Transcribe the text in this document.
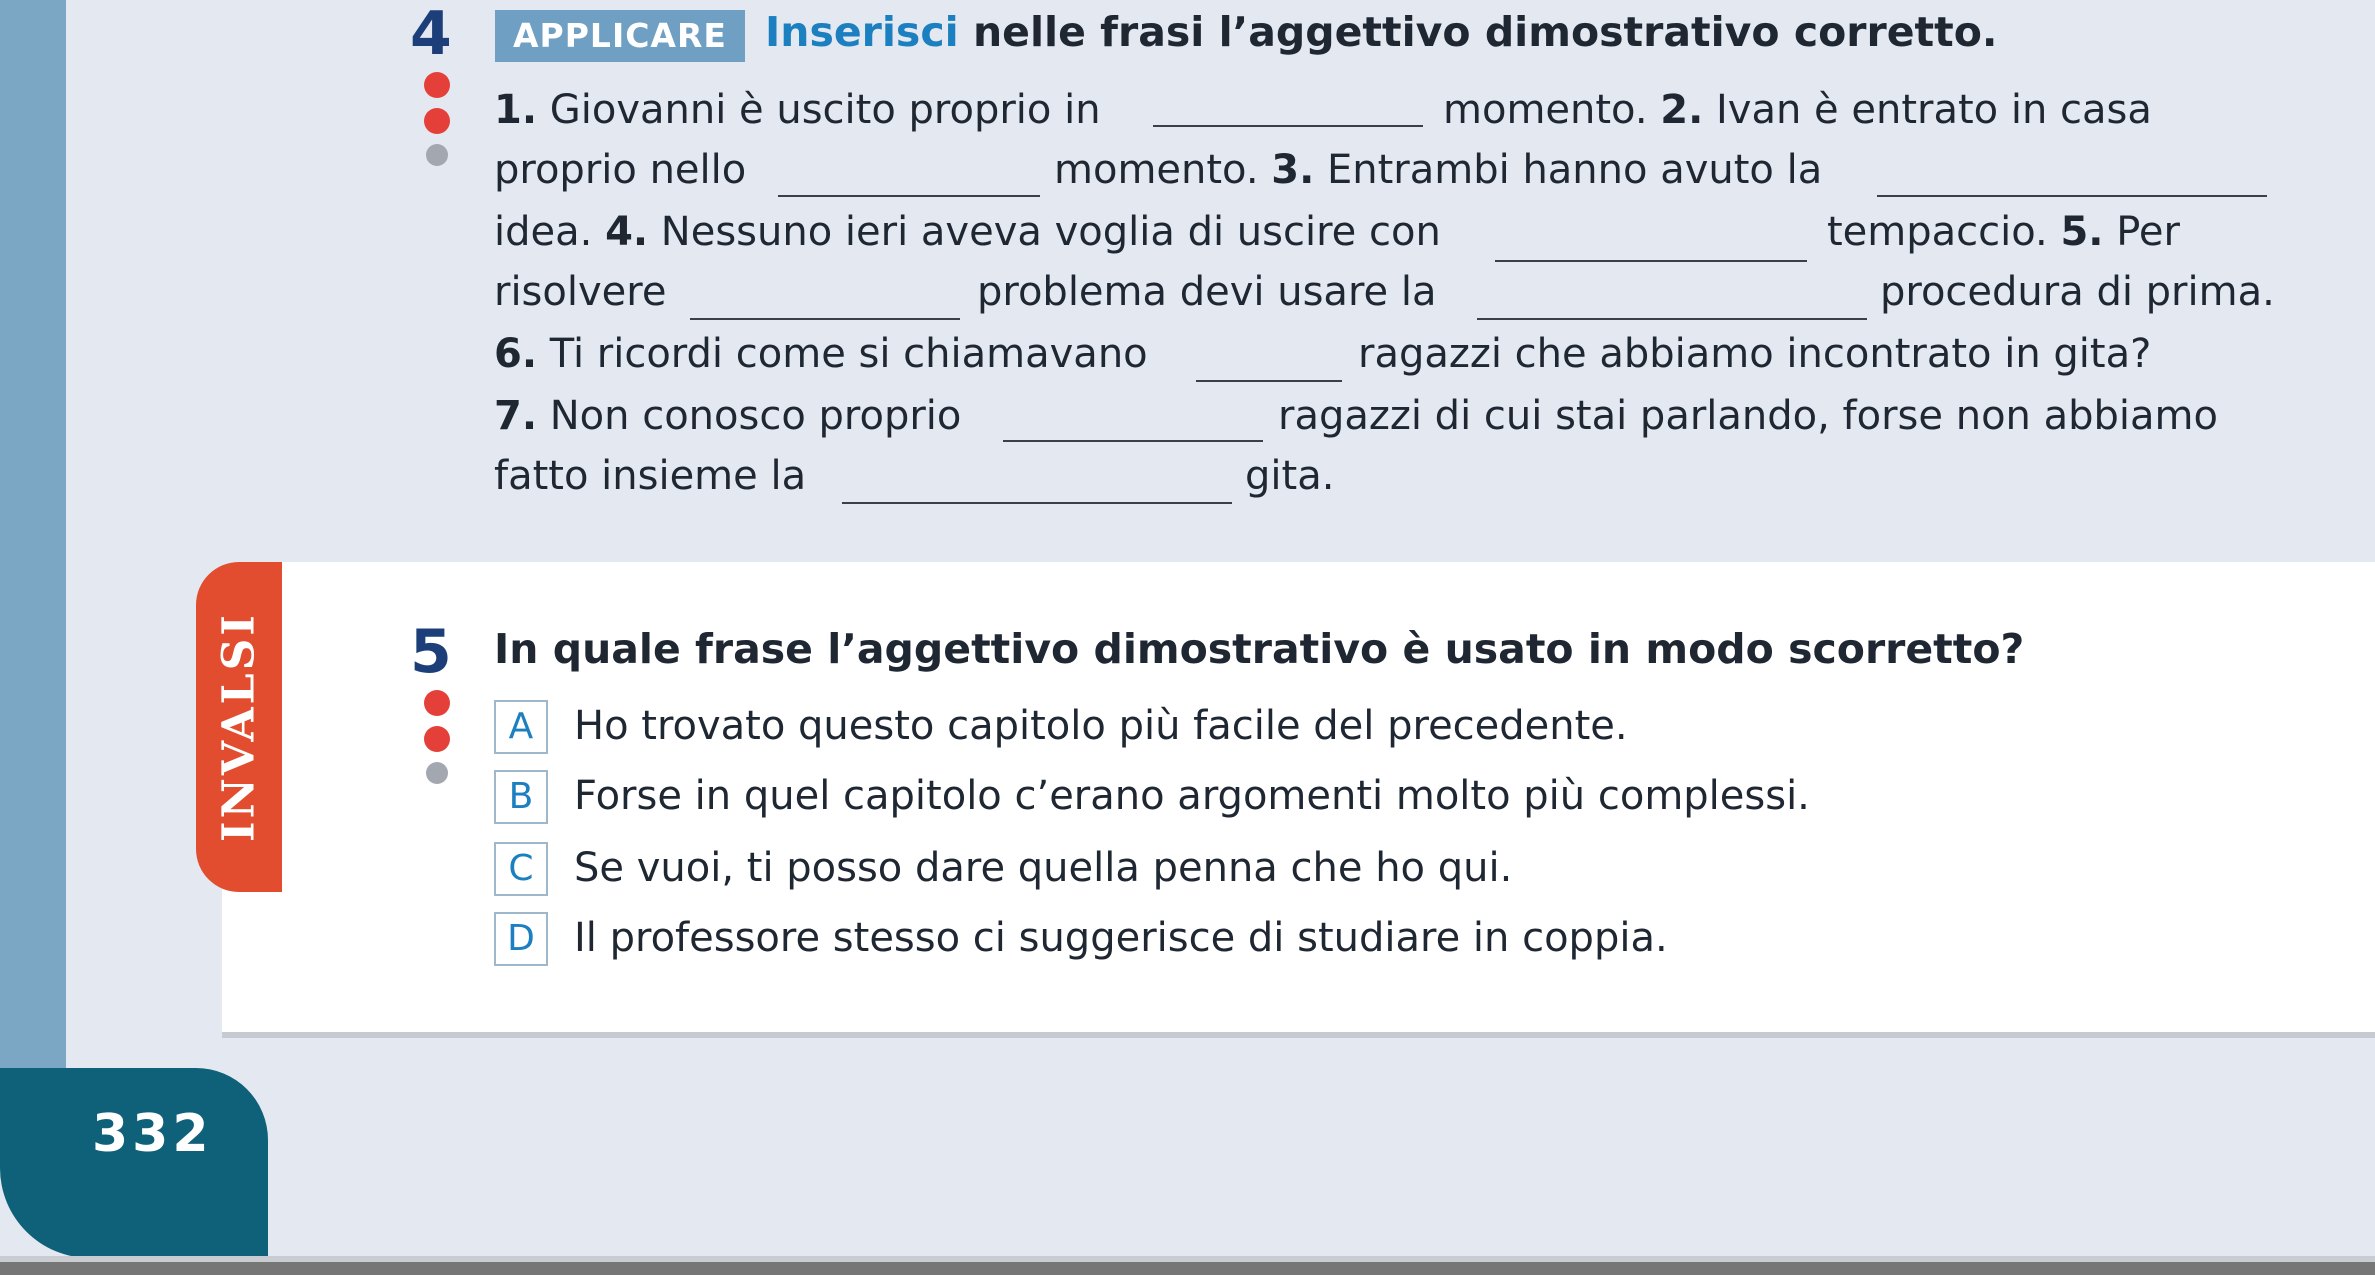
4	APPLICARE Inserisci nelle frasi l’aggettivo dimostrativo corretto.
1. Giovanni è uscito proprio in	momento. 2. Ivan è entrato in casa
proprio nello	momento. 3. Entrambi hanno avuto la
idea. 4. Nessuno ieri aveva voglia di uscire con	tempaccio. 5. Per
risolvere	problema devi usare la	procedura di prima.
6. Ti ricordi come si chiamavano	ragazzi che abbiamo incontrato in gita?
7. Non conosco proprio	ragazzi di cui stai parlando, forse non abbiamo
fatto insieme la	gita.
INVALSI 5 In quale frase l’aggettivo dimostrativo è usato in modo scorretto?
A	Ho trovato questo capitolo più facile del precedente.
B	Forse in quel capitolo c’erano argomenti molto più complessi.
C	Se vuoi, ti posso dare quella penna che ho qui.
D Il professore stesso ci suggerisce di studiare in coppia.
332
